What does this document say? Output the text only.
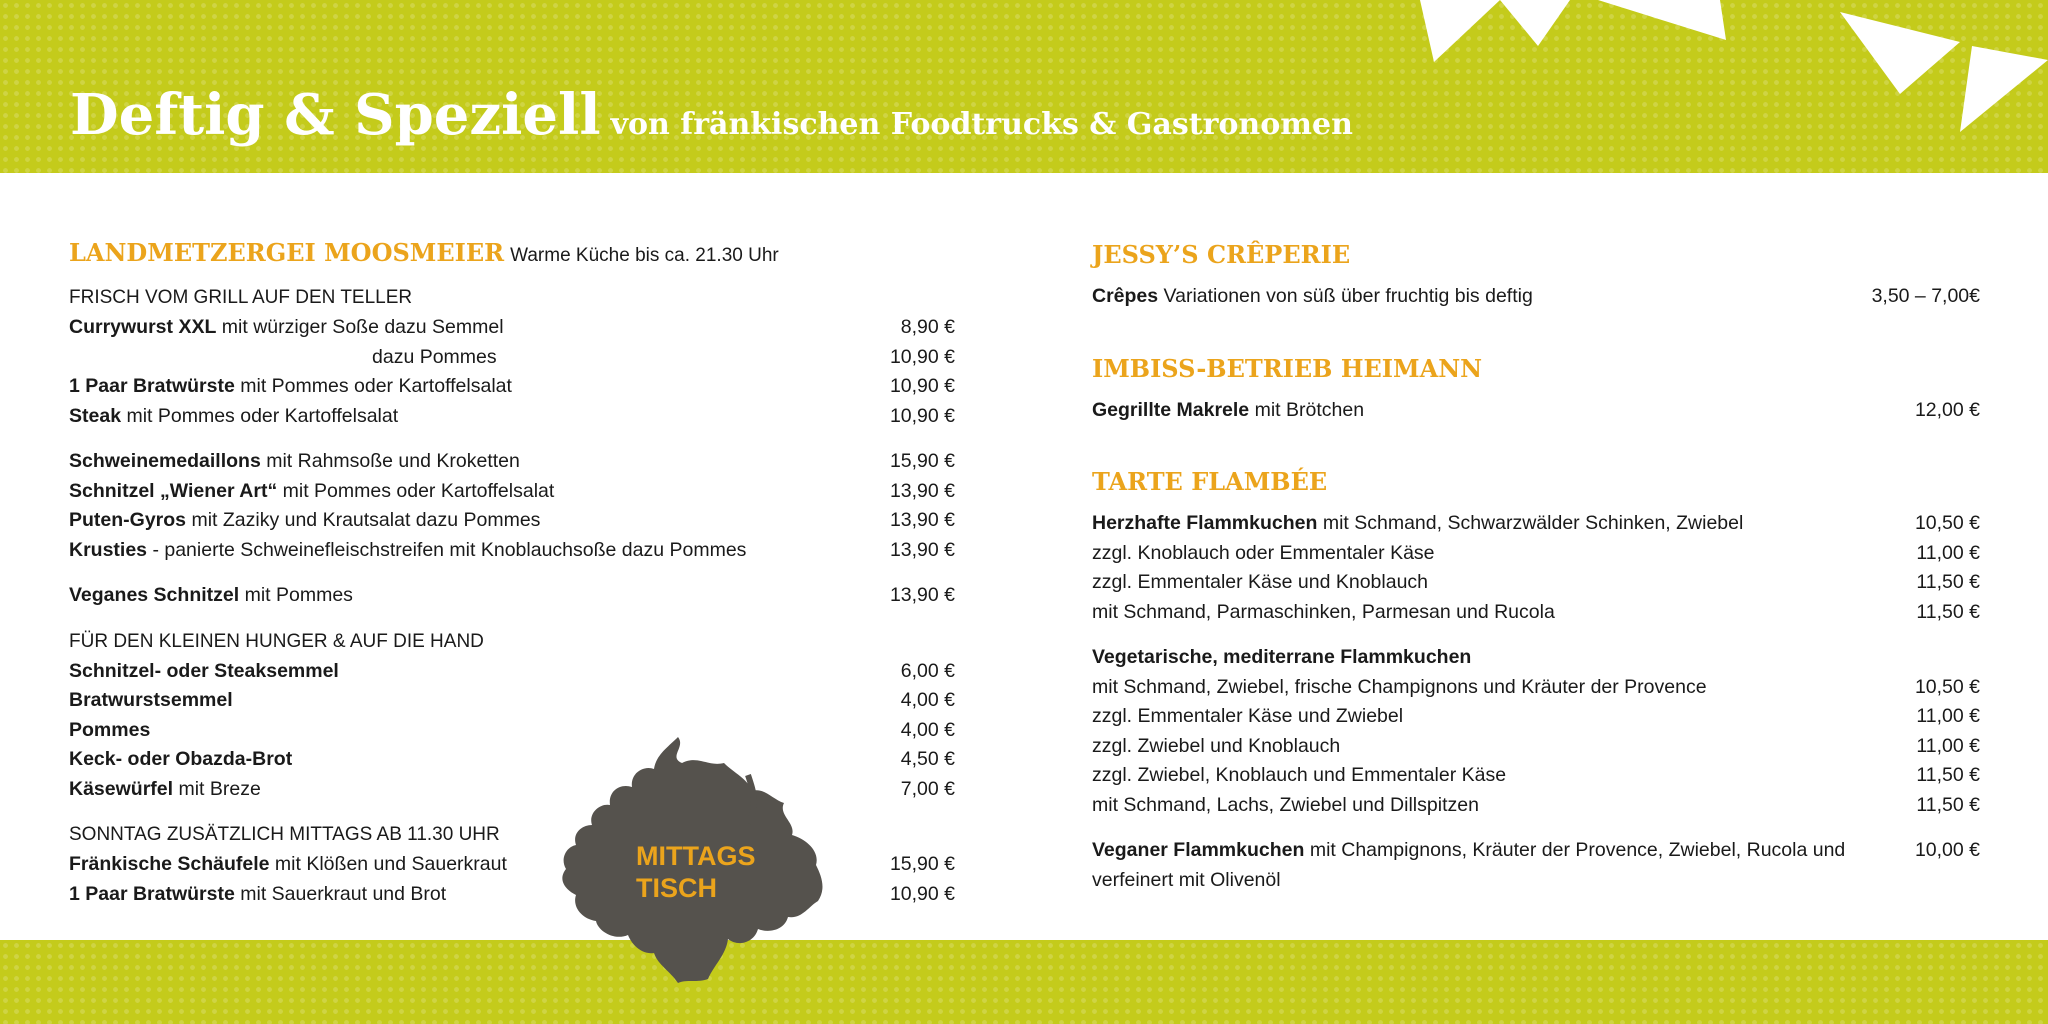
Deftig & Speziell von fränkischen Foodtrucks & Gastronomen
LANDMETZERGEI MOOSMEIER Warme Küche bis ca. 21.30 Uhr
FRISCH VOM GRILL AUF DEN TELLER
Currywurst XXL mit würziger Soße dazu Semmel	8,90 €
dazu Pommes	10,90 €
1 Paar Bratwürste mit Pommes oder Kartoffelsalat	10,90 €
Steak mit Pommes oder Kartoffelsalat	10,90 €
Schweinemedaillons mit Rahmsoße und Kroketten	15,90 €
Schnitzel „Wiener Art“ mit Pommes oder Kartoffelsalat	13,90 €
Puten-Gyros mit Zaziky und Krautsalat dazu Pommes	13,90 €
Krusties - panierte Schweinefleischstreifen mit Knoblauchsoße dazu Pommes	13,90 €
Veganes Schnitzel mit Pommes	13,90 €
FÜR DEN KLEINEN HUNGER & AUF DIE HAND
Schnitzel- oder Steaksemmel	6,00 €
Bratwurstsemmel	4,00 €
Pommes	4,00 €
Keck- oder Obazda-Brot	4,50 €
Käsewürfel mit Breze	7,00 €
SONNTAG ZUSÄTZLICH MITTAGS AB 11.30 UHR
Fränkische Schäufele mit Klößen und Sauerkraut	15,90 €
1 Paar Bratwürste mit Sauerkraut und Brot	10,90 €
MITTAGS
TISCH
JESSY’S CRÊPERIE
Crêpes Variationen von süß über fruchtig bis deftig	3,50 – 7,00€
IMBISS-BETRIEB HEIMANN
Gegrillte Makrele mit Brötchen	12,00 €
TARTE FLAMBÉE
Herzhafte Flammkuchen mit Schmand, Schwarzwälder Schinken, Zwiebel	10,50 €
zzgl. Knoblauch oder Emmentaler Käse	11,00 €
zzgl. Emmentaler Käse und Knoblauch	11,50 €
mit Schmand, Parmaschinken, Parmesan und Rucola	11,50 €
Vegetarische, mediterrane Flammkuchen
mit Schmand, Zwiebel, frische Champignons und Kräuter der Provence	10,50 €
zzgl. Emmentaler Käse und Zwiebel	11,00 €
zzgl. Zwiebel und Knoblauch	11,00 €
zzgl. Zwiebel, Knoblauch und Emmentaler Käse	11,50 €
mit Schmand, Lachs, Zwiebel und Dillspitzen	11,50 €
Veganer Flammkuchen mit Champignons, Kräuter der Provence, Zwiebel, Rucola und verfeinert mit Olivenöl
10,00 €
